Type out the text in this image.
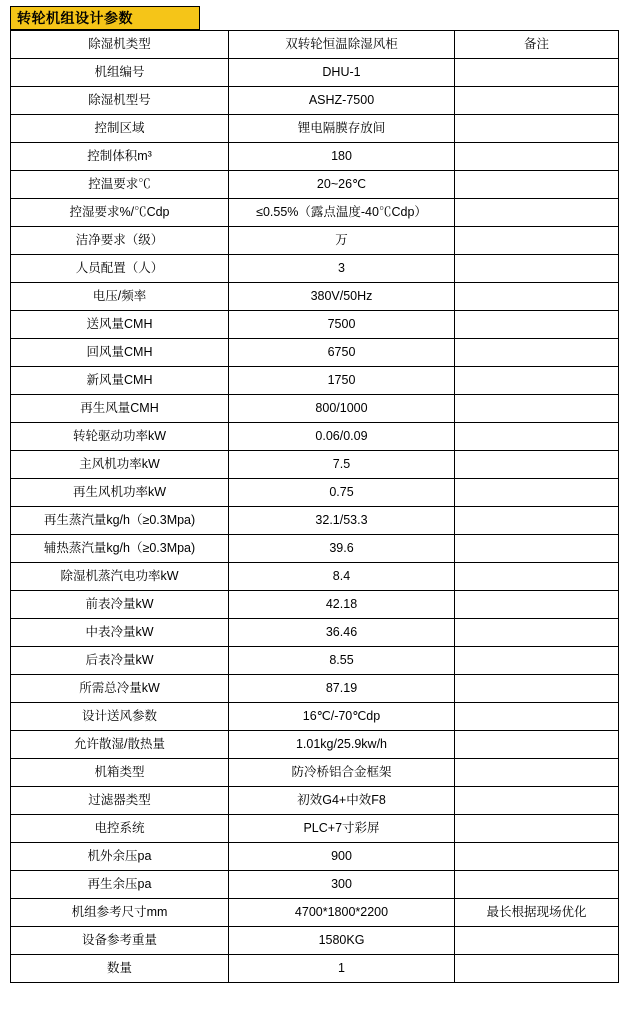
转轮机组设计参数
除湿机类型	双转轮恒温除湿风柜	备注
机组编号	DHU-1	
除湿机型号	ASHZ-7500	
控制区域	锂电隔膜存放间	
控制体积m³	180	
控温要求℃	20~26℃	
控湿要求%/℃Cdp	≤0.55%（露点温度-40℃Cdp）	
洁净要求（级）	万	
人员配置（人）	3	
电压/频率	380V/50Hz	
送风量CMH	7500	
回风量CMH	6750	
新风量CMH	1750	
再生风量CMH	800/1000	
转轮驱动功率kW	0.06/0.09	
主风机功率kW	7.5	
再生风机功率kW	0.75	
再生蒸汽量kg/h（≥0.3Mpa)	32.1/53.3	
辅热蒸汽量kg/h（≥0.3Mpa)	39.6	
除湿机蒸汽电功率kW	8.4	
前表冷量kW	42.18	
中表冷量kW	36.46	
后表冷量kW	8.55	
所需总冷量kW	87.19	
设计送风参数	16℃/-70℃dp	
允许散湿/散热量	1.01kg/25.9kw/h	
机箱类型	防冷桥铝合金框架	
过滤器类型	初效G4+中效F8	
电控系统	PLC+7寸彩屏	
机外余压pa	900	
再生余压pa	300	
机组参考尺寸mm	4700*1800*2200	最长根据现场优化
设备参考重量	1580KG	
数量	1	
